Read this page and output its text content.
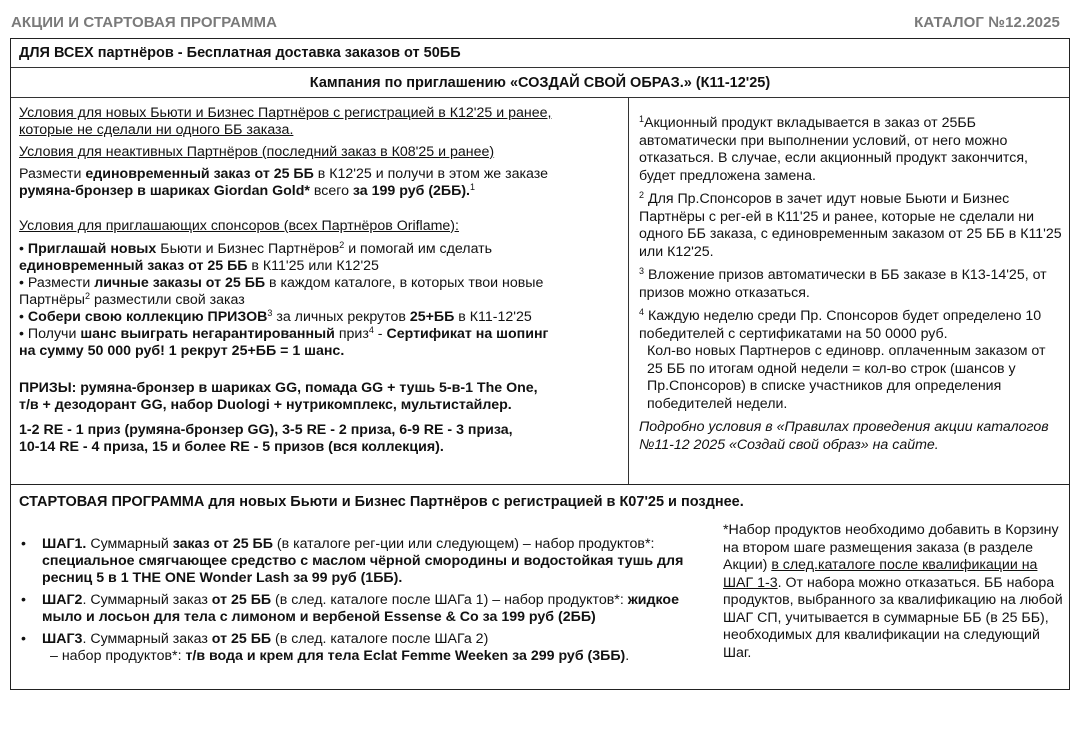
АКЦИИ И СТАРТОВАЯ ПРОГРАММА	КАТАЛОГ №12.2025
ДЛЯ ВСЕХ партнёров - Бесплатная доставка заказов от 50ББ
Кампания по приглашению «СОЗДАЙ СВОЙ ОБРАЗ.» (К11-12'25)

Условия для новых Бьюти и Бизнес Партнёров с регистрацией в К12'25 и ранее,

которые не сделали ни одного ББ заказа.

Условия для неактивных Партнёров (последний заказ в К08'25 и ранее)

Размести единовременный заказ от 25 ББ в К12'25 и получи в этом же заказе
румяна-бронзер в шариках Giordan Gold* всего за 199 руб (2ББ).$^1$

Условия для приглашающих спонсоров (всех Партнёров Oriflame):

• Приглашай новых Бьюти и Бизнес Партнёров$^2$ и помогай им сделать
единовременный заказ от 25 ББ в К11'25 или К12'25

• Размести личные заказы от 25 ББ в каждом каталоге, в которых твои новые
Партнёры$^2$ разместили свой заказ

• Собери свою коллекцию ПРИЗОВ$^3$ за личных рекрутов 25+ББ в К11-12'25

• Получи шанс выиграть негарантированный приз$^4$ - Сертификат на шопинг
на сумму 50 000 руб! 1 рекрут 25+ББ = 1 шанс.

ПРИЗЫ: румяна-бронзер в шариках GG, помада GG + тушь 5-в-1 The One,

т/в + дезодорант GG, набор Duologi + нутрикомплекс, мультистайлер.

1-2 RE - 1 приз (румяна-бронзер GG), 3-5 RE - 2 приза, 6-9 RE - 3 приза,

10-14 RE - 4 приза, 15 и более RE - 5 призов (вся коллекция).

$^1$Акционный продукт вкладывается в заказ от 25ББ автоматически при выполнении условий, от него можно отказаться. В случае, если акционный продукт закончится, будет предложена замена.

$^2$ Для Пр.Спонсоров в зачет идут новые Бьюти и Бизнес Партнёры с рег-ей в К11'25 и ранее, которые не сделали ни одного ББ заказа, с единовременным заказом от 25 ББ в К11'25 или К12'25.

$^3$ Вложение призов автоматически в ББ заказе в К13-14'25, от призов можно отказаться.

$^4$ Каждую неделю среди Пр. Спонсоров будет определено 10 победителей с сертификатами на 50 0000 руб.

Кол-во новых Партнеров с единовр. оплаченным заказом от 25 ББ по итогам одной недели = кол-во строк (шансов у Пр.Спонсоров) в списке участников для определения победителей недели.

Подробно условия в «Правилах проведения акции каталогов №11-12 2025 «Создай свой образ» на сайте.

СТАРТОВАЯ ПРОГРАММА для новых Бьюти и Бизнес Партнёров с регистрацией в К07'25 и позднее.
• ШАГ1. Суммарный заказ от 25 ББ (в каталоге рег-ции или следующем) – набор продуктов*: специальное смягчающее средство с маслом чёрной смородины и водостойкая тушь для ресниц 5 в 1 THE ONE Wonder Lash за 99 руб (1ББ).
• ШАГ2. Суммарный заказ от 25 ББ (в след. каталоге после ШАГа 1) – набор продуктов*: жидкое мыло и лосьон для тела с лимоном и вербеной Essense & Co за 199 руб (2ББ)
• ШАГ3. Суммарный заказ от 25 ББ (в след. каталоге после ШАГа 2)
– набор продуктов*: т/в вода и крем для тела Eclat Femme Weeken за 299 руб (3ББ).
*Набор продуктов необходимо добавить в Корзину на втором шаге размещения заказа (в разделе Акции) в след.каталоге после квалификации на ШАГ 1-3. От набора можно отказаться. ББ набора продуктов, выбранного за квалификацию на любой ШАГ СП, учитывается в суммарные ББ (в 25 ББ), необходимых для квалификации на следующий Шаг.
